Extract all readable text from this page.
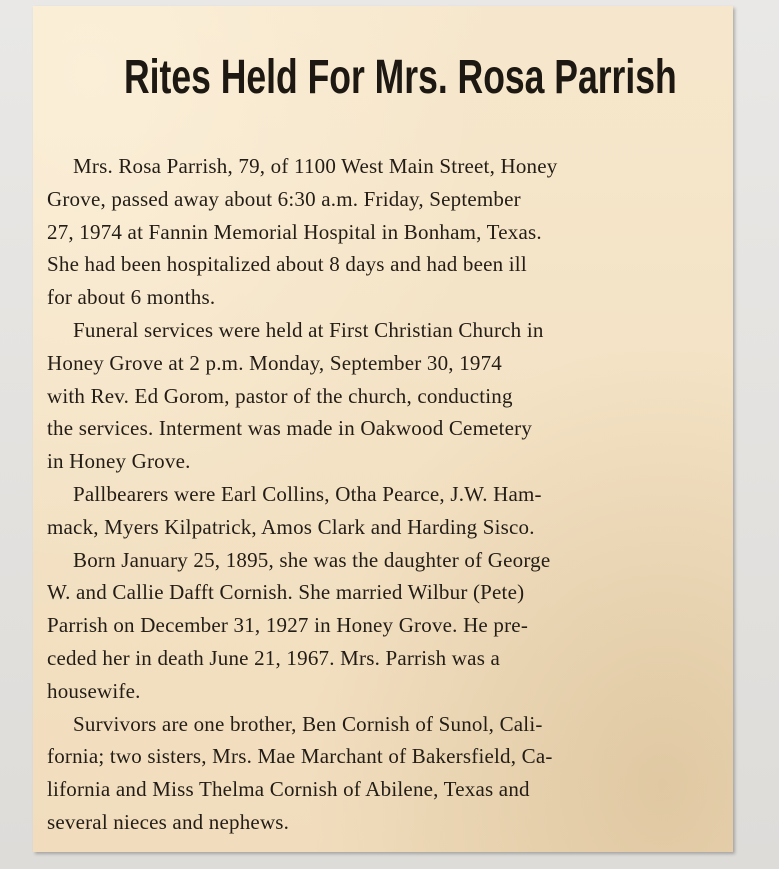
Rites Held For Mrs. Rosa Parrish

Mrs. Rosa Parrish, 79, of 1100 West Main Street, Honey
Grove, passed away about 6:30 a.m. Friday, September
27, 1974 at Fannin Memorial Hospital in Bonham, Texas.
She had been hospitalized about 8 days and had been ill
for about 6 months.

Funeral services were held at First Christian Church in
Honey Grove at 2 p.m. Monday, September 30, 1974
with Rev. Ed Gorom, pastor of the church, conducting
the services. Interment was made in Oakwood Cemetery
in Honey Grove.

Pallbearers were Earl Collins, Otha Pearce, J.W. Ham-
mack, Myers Kilpatrick, Amos Clark and Harding Sisco.

Born January 25, 1895, she was the daughter of George
W. and Callie Dafft Cornish. She married Wilbur (Pete)
Parrish on December 31, 1927 in Honey Grove. He pre-
ceded her in death June 21, 1967. Mrs. Parrish was a
housewife.

Survivors are one brother, Ben Cornish of Sunol, Cali-
fornia; two sisters, Mrs. Mae Marchant of Bakersfield, Ca-
lifornia and Miss Thelma Cornish of Abilene, Texas and
several nieces and nephews.
